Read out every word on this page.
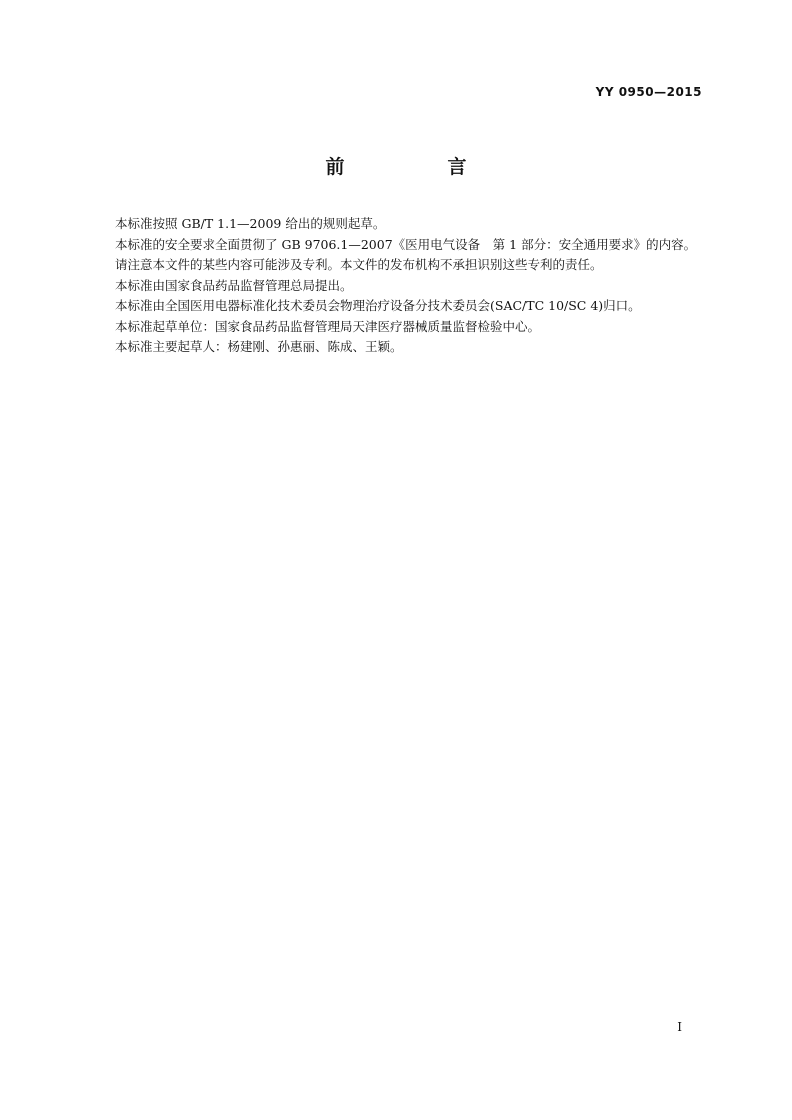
YY 0950—2015
前　言

本标准按照 GB/T 1.1—2009 给出的规则起草。

本标准的安全要求全面贯彻了 GB 9706.1—2007《医用电气设备　第 1 部分：安全通用要求》的内容。

请注意本文件的某些内容可能涉及专利。本文件的发布机构不承担识别这些专利的责任。

本标准由国家食品药品监督管理总局提出。

本标准由全国医用电器标准化技术委员会物理治疗设备分技术委员会(SAC/TC 10/SC 4)归口。

本标准起草单位：国家食品药品监督管理局天津医疗器械质量监督检验中心。

本标准主要起草人：杨建刚、孙惠丽、陈成、王颖。

I
